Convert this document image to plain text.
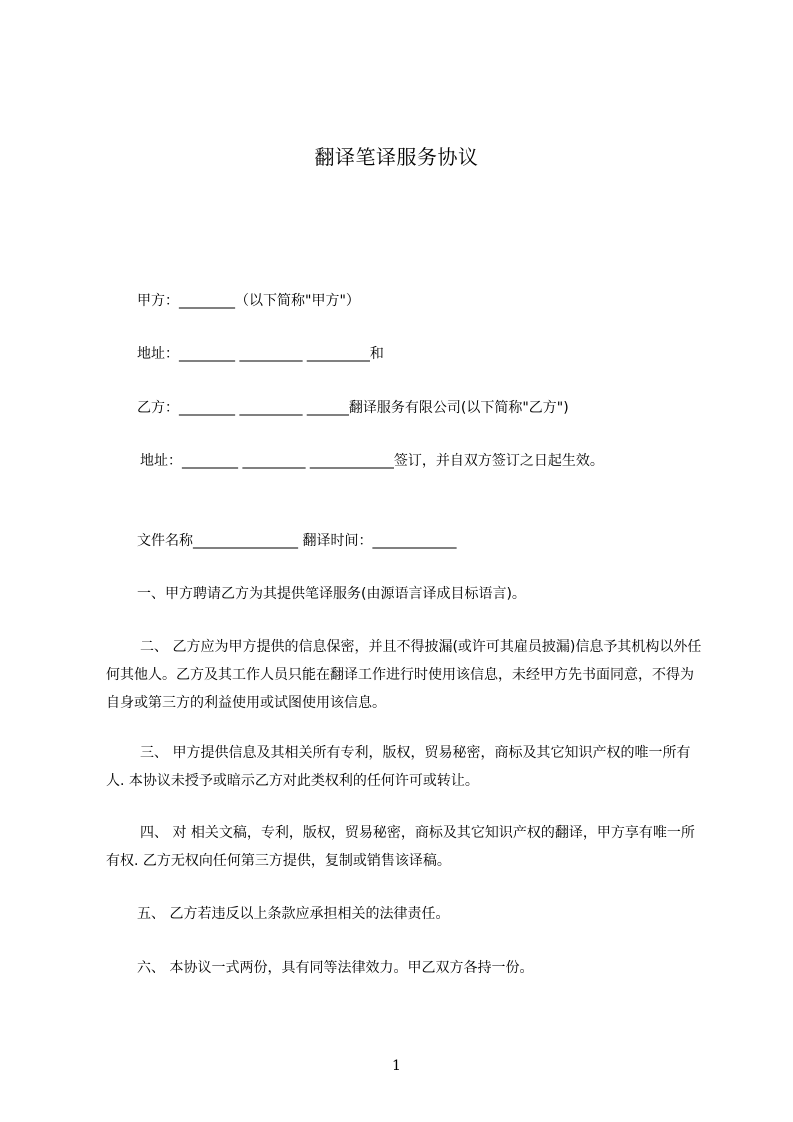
翻译笔译服务协议
甲方：________（以下简称"甲方"）
地址：________ _________ _________和
乙方：________ _________ ______翻译服务有限公司(以下简称"乙方")
地址：________ _________ ____________签订，并自双方签订之日起生效。
文件名称_______________ 翻译时间：____________
一、甲方聘请乙方为其提供笔译服务(由源语言译成目标语言)。
二、 乙方应为甲方提供的信息保密，并且不得披漏(或许可其雇员披漏)信息予其机构以外任何其他人。乙方及其工作人员只能在翻译工作进行时使用该信息，未经甲方先书面同意，不得为自身或第三方的利益使用或试图使用该信息。
三、 甲方提供信息及其相关所有专利，版权，贸易秘密，商标及其它知识产权的唯一所有人. 本协议未授予或暗示乙方对此类权利的任何许可或转让。
四、 对 相关文稿，专利，版权，贸易秘密，商标及其它知识产权的翻译，甲方享有唯一所有权. 乙方无权向任何第三方提供，复制或销售该译稿。
五、 乙方若违反以上条款应承担相关的法律责任。
六、 本协议一式两份，具有同等法律效力。甲乙双方各持一份。
1
